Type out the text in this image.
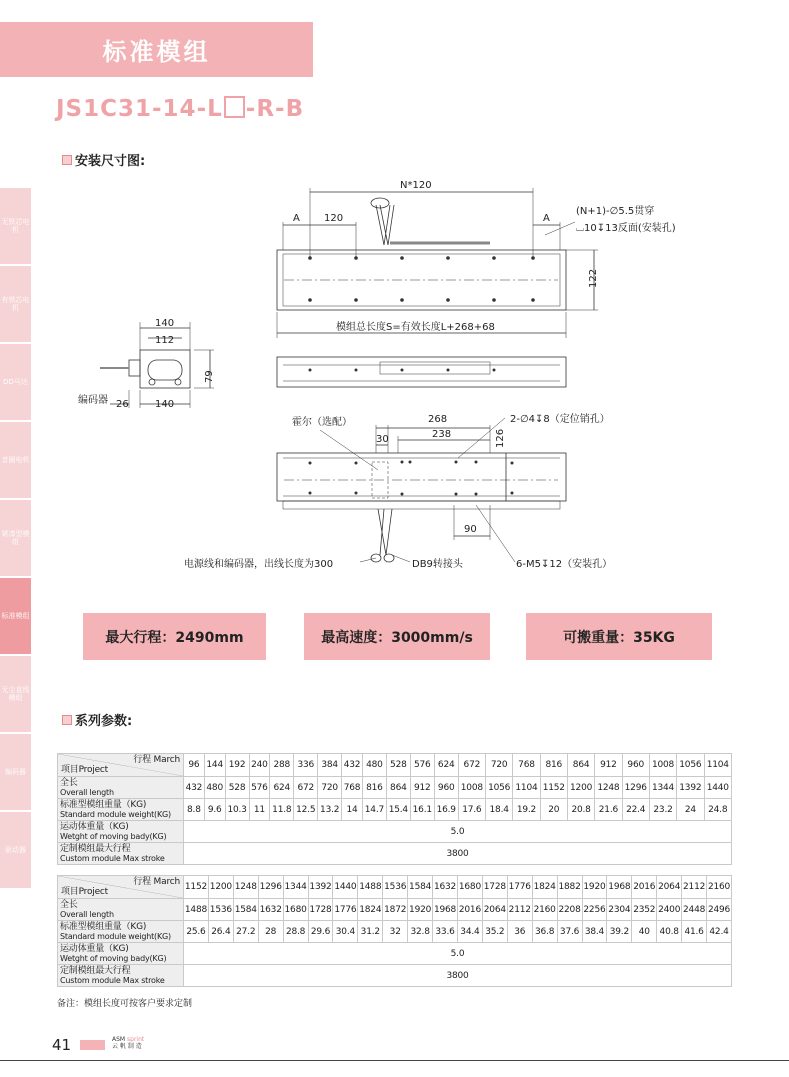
标准模组
JS1C31-14-L -R-B
安装尺寸图:
无铁芯电机
有铁芯电机
DD马达
音圈电机
紧凑型模组
标准模组
无尘直线模组
编码器
驱动器
N*120
A 120	A
(N+1)-∅5.5贯穿
⌴10↧13反面(安装孔)
122
模组总长度S=有效长度L+268+68
140
112
79
编码器 26	140
霍尔（选配）	268
238
30
2-∅4↧8（定位销孔）
126
90
电源线和编码器，出线长度为300	DB9转接头	6-M5↧12（安装孔）
最大行程：2490mm	最高速度：3000mm/s	可搬重量：35KG
系列参数:
行程 March
项目Project	96	144	192	240	288	336	384	432	480	528	576	624	672	720	768	816	864	912	960	1008	1056	1104
全长
Overall length	432	480	528	576	624	672	720	768	816	864	912	960	1008	1056	1104	1152	1200	1248	1296	1344	1392	1440
标准型模组重量（KG)
Standard module weight(KG)	8.8	9.6	10.3	11	11.8	12.5	13.2	14	14.7	15.4	16.1	16.9	17.6	18.4	19.2	20	20.8	21.6	22.4	23.2	24	24.8
运动体重量（KG)
Wetght of moving bady(KG)	5.0																					
定制模组最大行程
Custom module Max stroke	3800																					
行程 March
项目Project	1152	1200	1248	1296	1344	1392	1440	1488	1536	1584	1632	1680	1728	1776	1824	1882	1920	1968	2016	2064	2112	2160
全长
Overall length	1488	1536	1584	1632	1680	1728	1776	1824	1872	1920	1968	2016	2064	2112	2160	2208	2256	2304	2352	2400	2448	2496
标准型模组重量（KG)
Standard module weight(KG)	25.6	26.4	27.2	28	28.8	29.6	30.4	31.2	32	32.8	33.6	34.4	35.2	36	36.8	37.6	38.4	39.2	40	40.8	41.6	42.4
运动体重量（KG)
Wetght of moving bady(KG)	5.0																					
定制模组最大行程
Custom module Max stroke	3800																					
备注：模组长度可按客户要求定制
41	ASM sprint
云 帆 制 造
